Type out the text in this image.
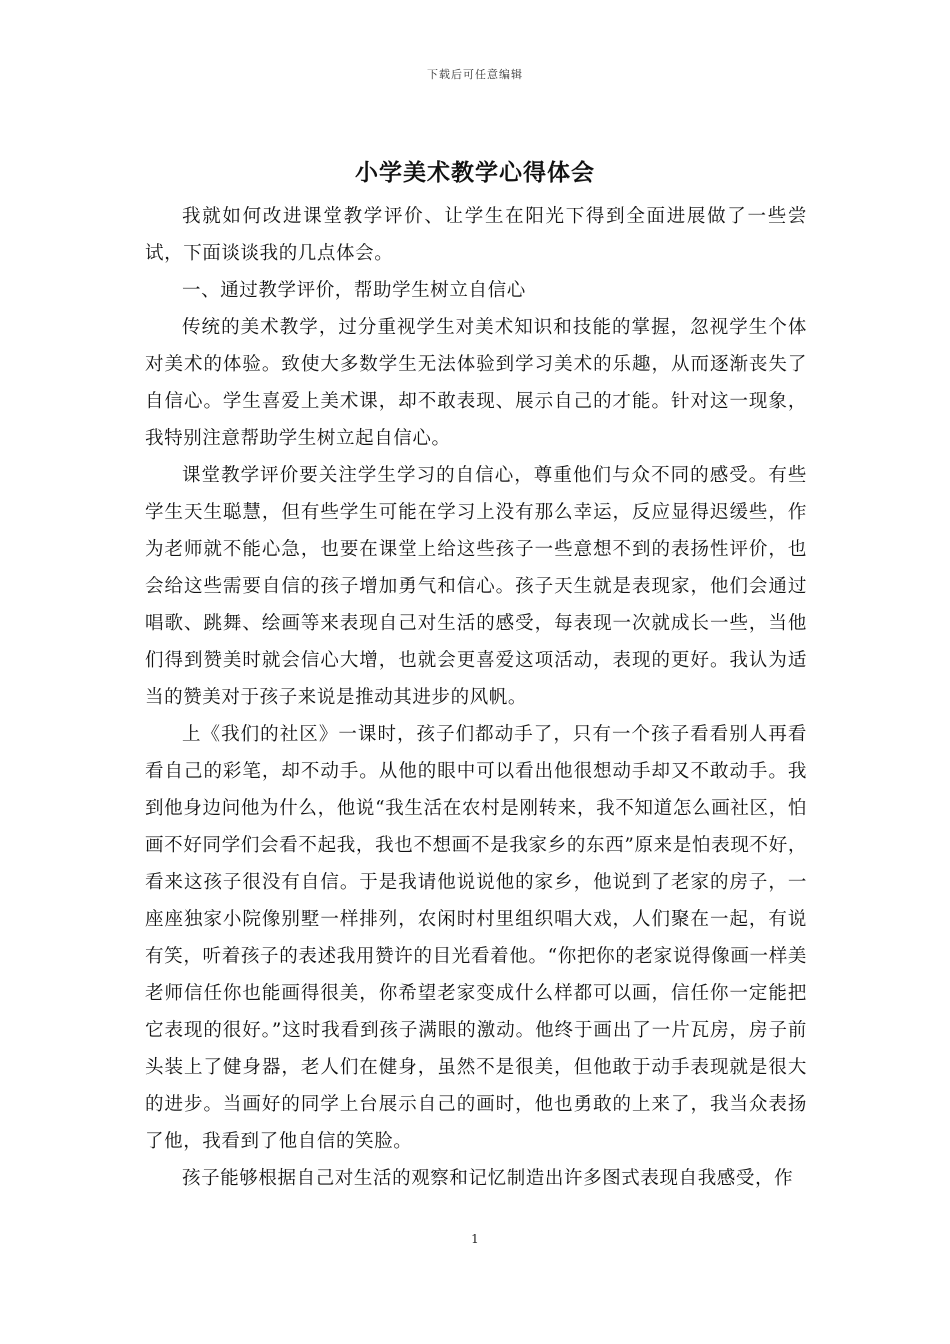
下载后可任意编辑
小学美术教学心得体会

我就如何改进课堂教学评价、让学生在阳光下得到全面进展做了一些尝试，下面谈谈我的几点体会。

一、通过教学评价，帮助学生树立自信心

传统的美术教学，过分重视学生对美术知识和技能的掌握，忽视学生个体对美术的体验。致使大多数学生无法体验到学习美术的乐趣，从而逐渐丧失了自信心。学生喜爱上美术课，却不敢表现、展示自己的才能。针对这一现象，我特别注意帮助学生树立起自信心。

课堂教学评价要关注学生学习的自信心，尊重他们与众不同的感受。有些学生天生聪慧，但有些学生可能在学习上没有那么幸运，反应显得迟缓些，作为老师就不能心急，也要在课堂上给这些孩子一些意想不到的表扬性评价，也会给这些需要自信的孩子增加勇气和信心。孩子天生就是表现家，他们会通过唱歌、跳舞、绘画等来表现自己对生活的感受，每表现一次就成长一些，当他们得到赞美时就会信心大增，也就会更喜爱这项活动，表现的更好。我认为适当的赞美对于孩子来说是推动其进步的风帆。

上《我们的社区》一课时，孩子们都动手了，只有一个孩子看看别人再看看自己的彩笔，却不动手。从他的眼中可以看出他很想动手却又不敢动手。我到他身边问他为什么，他说“我生活在农村是刚转来，我不知道怎么画社区，怕画不好同学们会看不起我，我也不想画不是我家乡的东西”原来是怕表现不好，看来这孩子很没有自信。于是我请他说说他的家乡，他说到了老家的房子，一座座独家小院像别墅一样排列，农闲时村里组织唱大戏，人们聚在一起，有说有笑，听着孩子的表述我用赞许的目光看着他。“你把你的老家说得像画一样美老师信任你也能画得很美，你希望老家变成什么样都可以画，信任你一定能把它表现的很好。”这时我看到孩子满眼的激动。他终于画出了一片瓦房，房子前头装上了健身器，老人们在健身，虽然不是很美，但他敢于动手表现就是很大的进步。当画好的同学上台展示自己的画时，他也勇敢的上来了，我当众表扬了他，我看到了他自信的笑脸。

孩子能够根据自己对生活的观察和记忆制造出许多图式表现自我感受，作

1
